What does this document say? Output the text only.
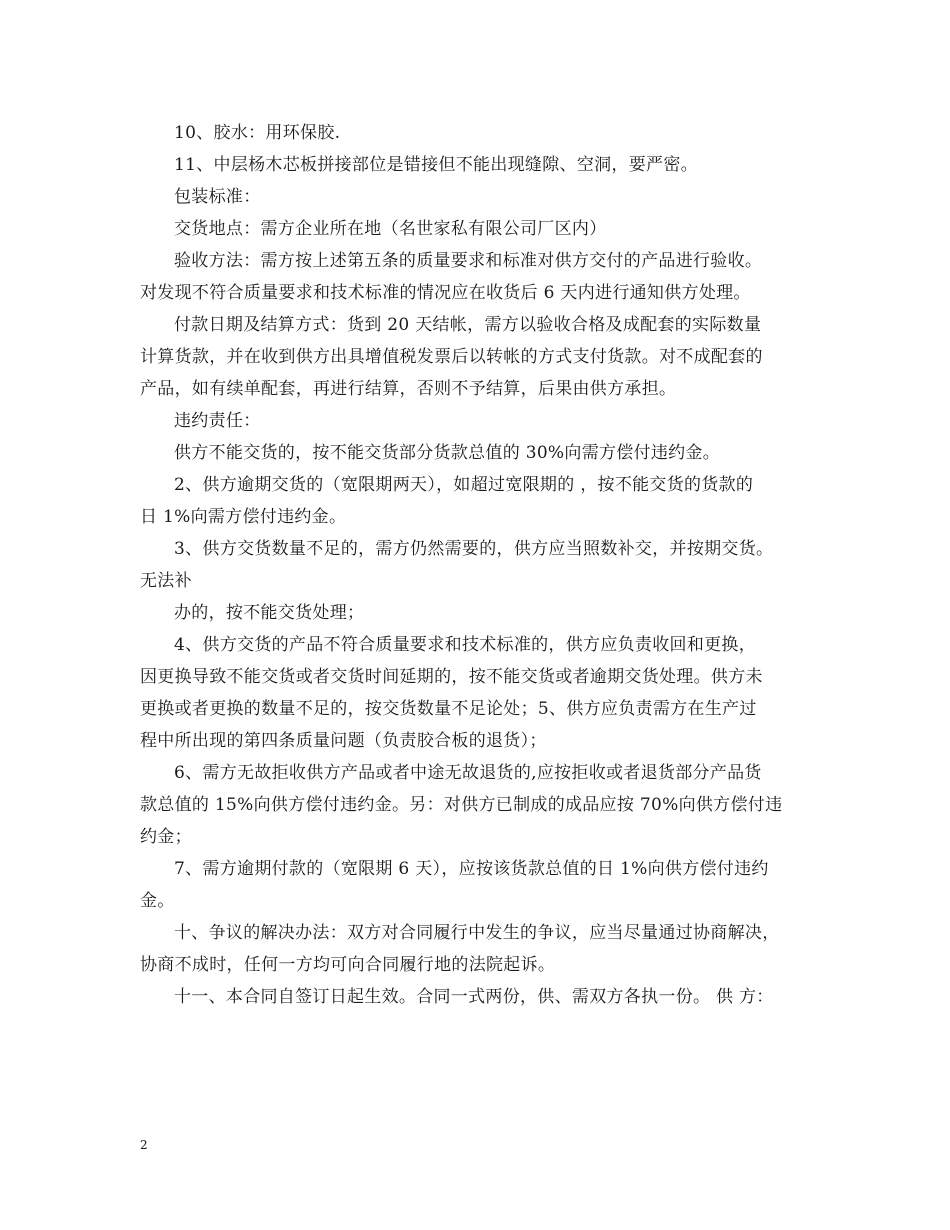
10、胶水：用环保胶.
11、中层杨木芯板拼接部位是错接但不能出现缝隙、空洞，要严密。
包装标准：
交货地点：需方企业所在地（名世家私有限公司厂区内）
验收方法：需方按上述第五条的质量要求和标准对供方交付的产品进行验收。
对发现不符合质量要求和技术标准的情况应在收货后 6 天内进行通知供方处理。
付款日期及结算方式：货到 20 天结帐，需方以验收合格及成配套的实际数量
计算货款，并在收到供方出具增值税发票后以转帐的方式支付货款。对不成配套的
产品，如有续单配套，再进行结算，否则不予结算，后果由供方承担。
违约责任：
供方不能交货的，按不能交货部分货款总值的 30%向需方偿付违约金。
2、供方逾期交货的（宽限期两天），如超过宽限期的 ，按不能交货的货款的
日 1%向需方偿付违约金。
3、供方交货数量不足的，需方仍然需要的，供方应当照数补交，并按期交货。
无法补
办的，按不能交货处理；
4、供方交货的产品不符合质量要求和技术标准的，供方应负责收回和更换，
因更换导致不能交货或者交货时间延期的，按不能交货或者逾期交货处理。供方未
更换或者更换的数量不足的，按交货数量不足论处；5、供方应负责需方在生产过
程中所出现的第四条质量问题（负责胶合板的退货）；
6、需方无故拒收供方产品或者中途无故退货的,应按拒收或者退货部分产品货
款总值的 15%向供方偿付违约金。另：对供方已制成的成品应按 70%向供方偿付违
约金；
7、需方逾期付款的（宽限期 6 天），应按该货款总值的日 1%向供方偿付违约
金。
十、争议的解决办法：双方对合同履行中发生的争议，应当尽量通过协商解决，
协商不成时，任何一方均可向合同履行地的法院起诉。
十一、本合同自签订日起生效。合同一式两份，供、需双方各执一份。 供 方：
2
